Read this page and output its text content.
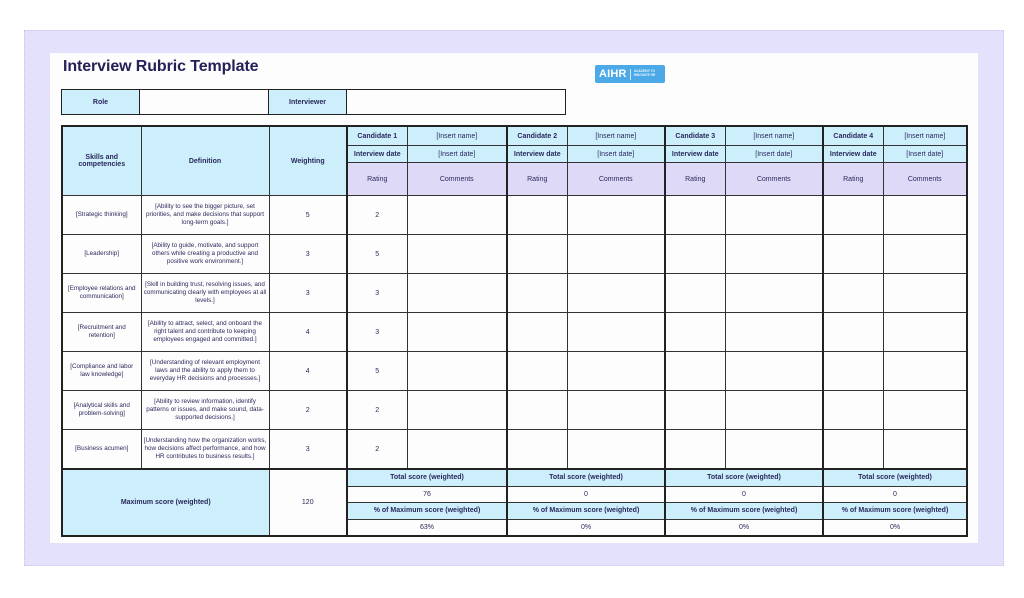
Interview Rubric Template	AIHR ACADEMY TO
INNOVATE HR
Role		Interviewer	
Skills and competencies	Definition	Weighting	Candidate 1	[Insert name]	Candidate 2	[Insert name]	Candidate 3	[Insert name]	Candidate 4	[Insert name]
			Interview date	[Insert date]	Interview date	[Insert date]	Interview date	[Insert date]	Interview date	[Insert date]
			Rating	Comments	Rating	Comments	Rating	Comments	Rating	Comments
[Strategic thinking]	[Ability to see the bigger picture, set priorities, and make decisions that support long-term goals.]	5	2							
[Leadership]	[Ability to guide, motivate, and support others while creating a productive and positive work environment.]	3	5							
[Employee relations and communication]	[Skill in building trust, resolving issues, and communicating clearly with employees at all levels.]	3	3							
[Recruitment and retention]	[Ability to attract, select, and onboard the right talent and contribute to keeping employees engaged and committed.]	4	3							
[Compliance and labor law knowledge]	[Understanding of relevant employment laws and the ability to apply them to everyday HR decisions and processes.]	4	5							
[Analytical skills and problem-solving]	[Ability to review information, identify patterns or issues, and make sound, data-supported decisions.]	2	2							
[Business acumen]	[Understanding how the organization works, how decisions affect performance, and how HR contributes to business results.]	3	2							
Maximum score (weighted)		120	Total score (weighted)		Total score (weighted)		Total score (weighted)		Total score (weighted)	
			76		0		0		0	
			% of Maximum score (weighted)		% of Maximum score (weighted)		% of Maximum score (weighted)		% of Maximum score (weighted)	
			63%		0%		0%		0%	
